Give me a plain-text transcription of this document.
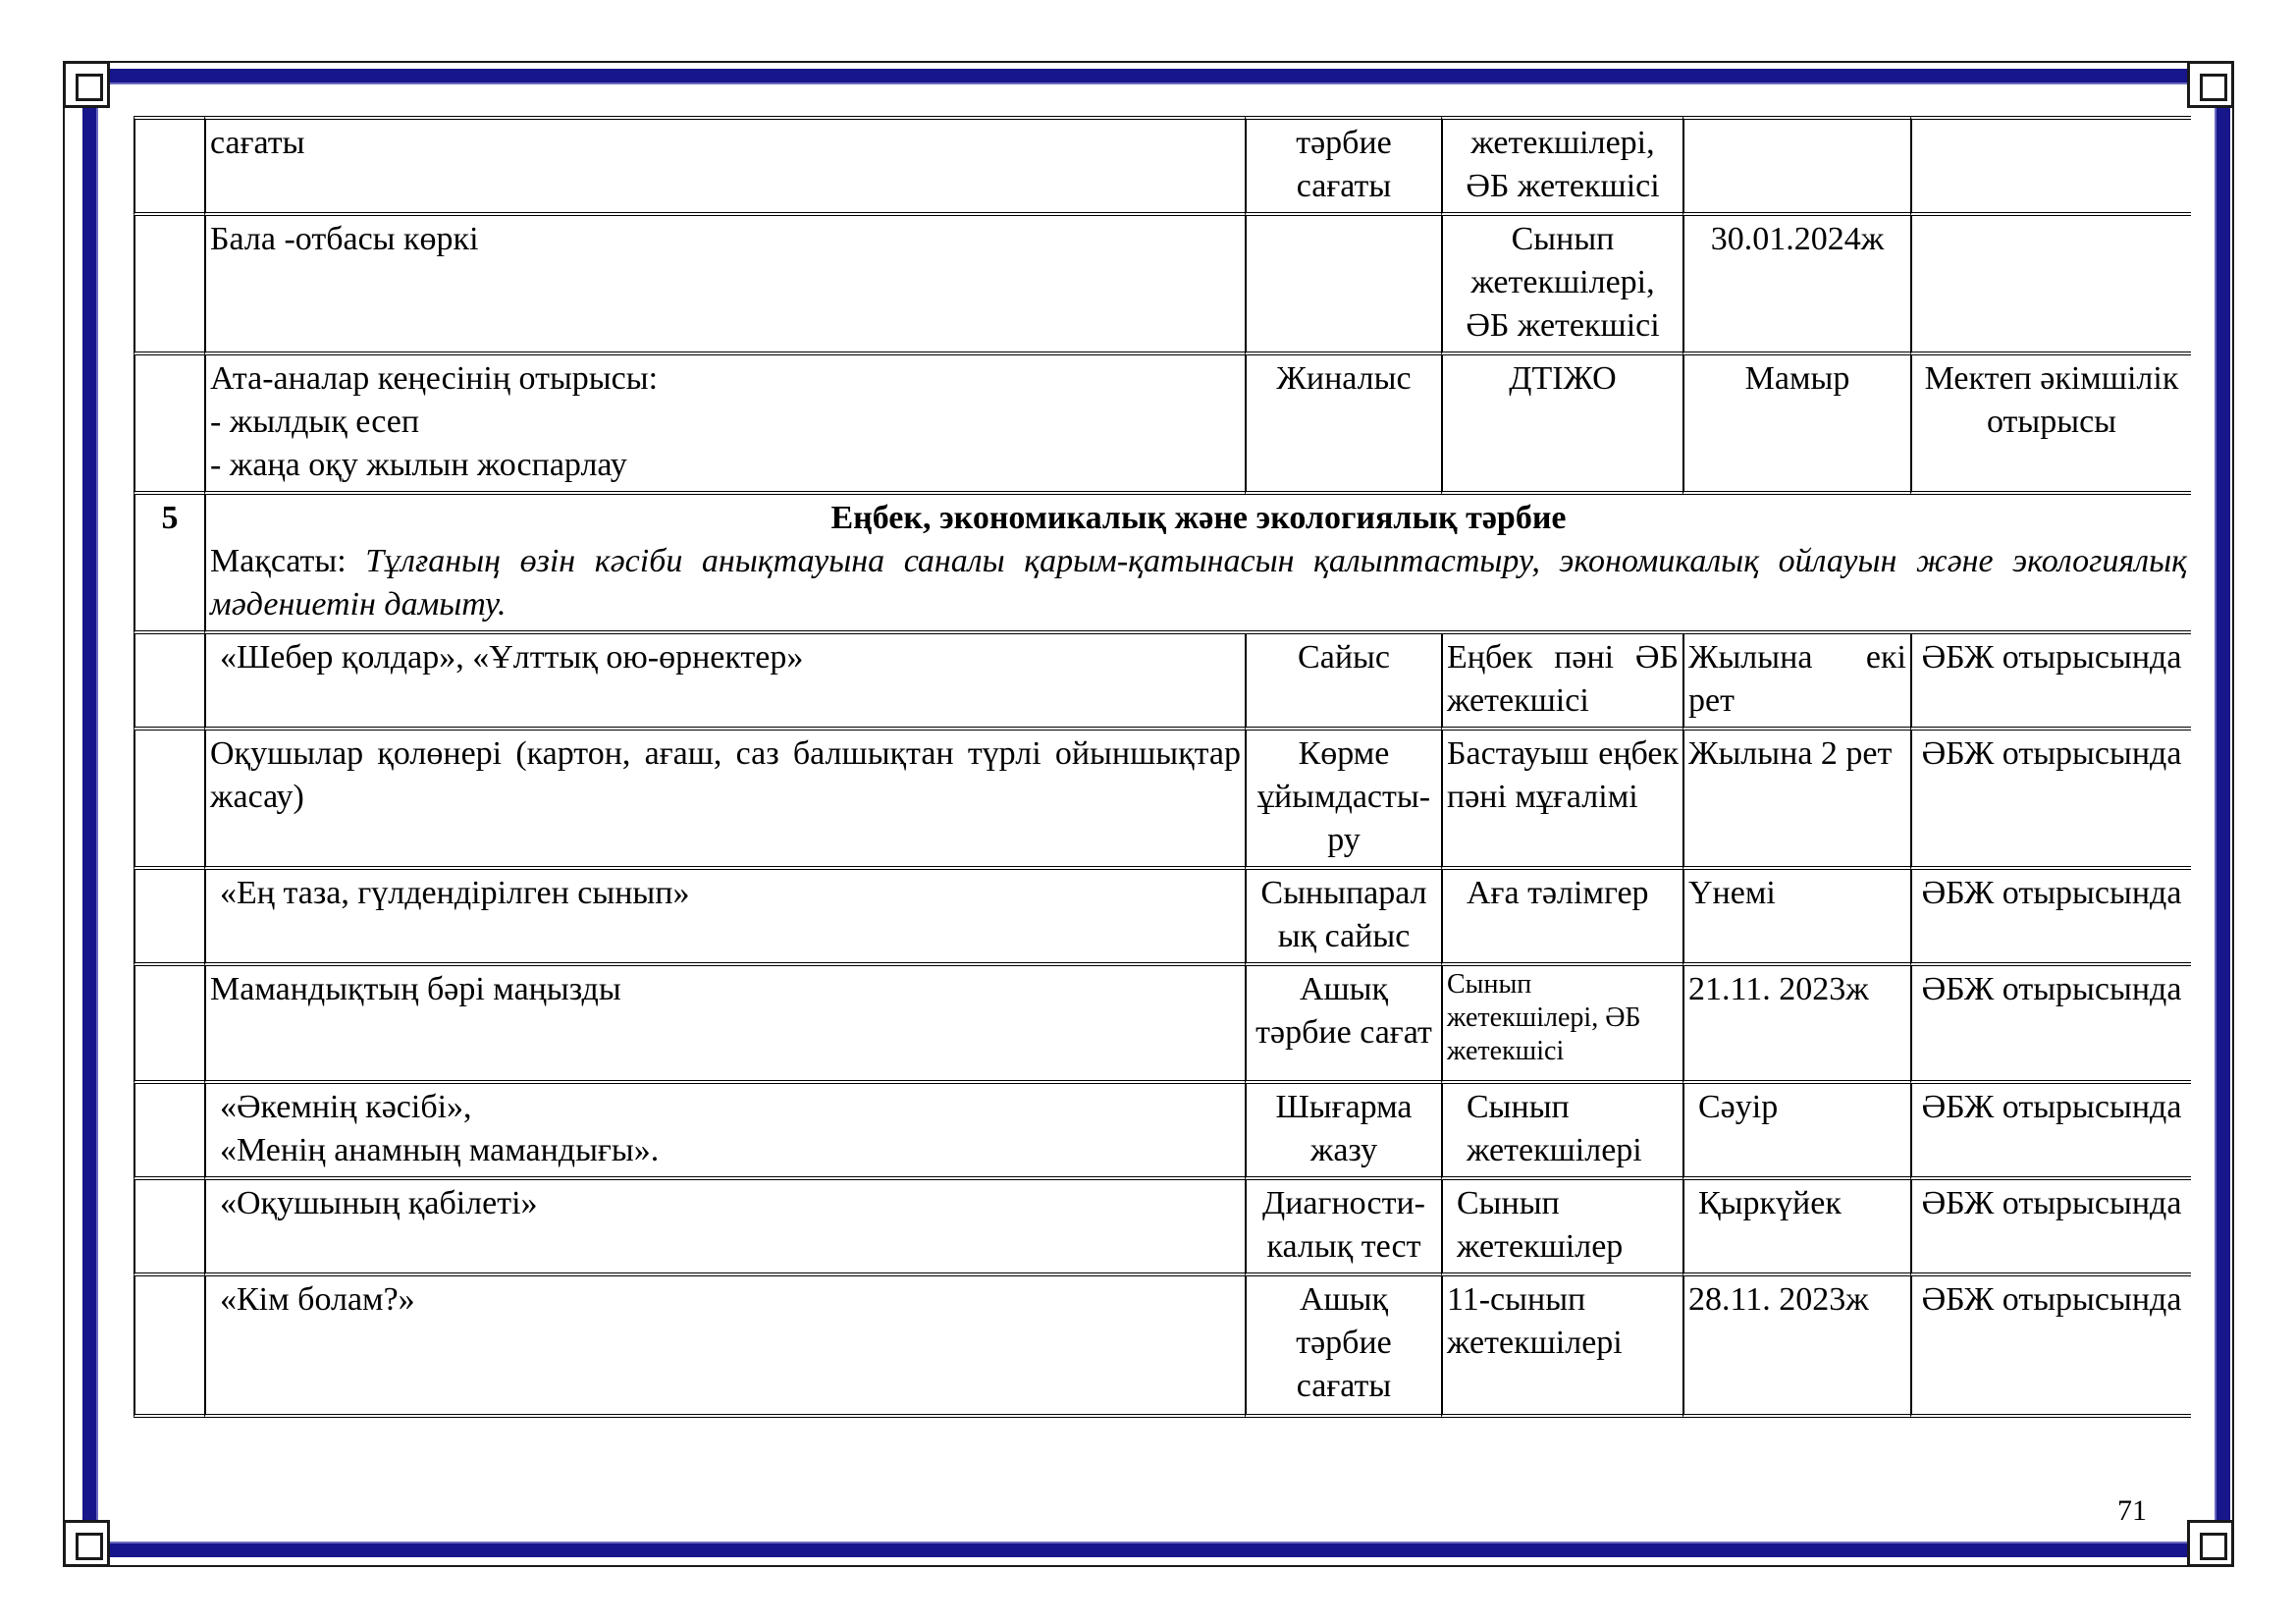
	сағаты	тәрбие сағаты	жетекшілері, ӘБ жетекшісі		
	Бала -отбасы көркі		Сынып жетекшілері, ӘБ жетекшісі	30.01.2024ж	

	Ата-аналар кеңесінің отырысы:
- жылдық есеп
- жаңа оқу жылын жоспарлау	Жиналыс	ДТІЖО	Мамыр	Мектеп әкімшілік отырысы
5	Еңбек, экономикалық және экологиялық тәрбие
Мақсаты: Тұлғаның өзін кәсіби анықтауына саналы қарым-қатынасын қалыптастыру, экономикалық ойлауын және экологиялық мәдениетін дамыту.				

	«Шебер қолдар», «Ұлттық ою-өрнектер»	Сайыс	Еңбек пәні ӘБ жетекшісі	Жылына екі рет	ӘБЖ отырысында
	Оқушылар қолөнері (картон, ағаш, саз балшықтан түрлі ойыншықтар жасау)	Көрме ұйымдасты-ру	Бастауыш еңбек пәні мұғалімі	Жылына 2 рет	ӘБЖ отырысында
	«Ең таза, гүлдендірілген сынып»	Сыныпарал ық сайыс	Аға тәлімгер	Үнемі	ӘБЖ отырысында
	Мамандықтың бәрі маңызды	Ашық тәрбие сағат	Сынып жетекшілері, ӘБ жетекшісі	21.11. 2023ж	ӘБЖ отырысында

	«Әкемнің кәсібі»,
«Менің анамның мамандығы».	Шығарма жазу	Сынып жетекшілері	Сәуір	ӘБЖ отырысында
	«Оқушының қабілеті»	Диагности-калық тест	Сынып жетекшілер	Қыркүйек	ӘБЖ отырысында
	«Кім болам?»	Ашық тәрбие сағаты	11-сынып жетекшілері	28.11. 2023ж	ӘБЖ отырысында
71
